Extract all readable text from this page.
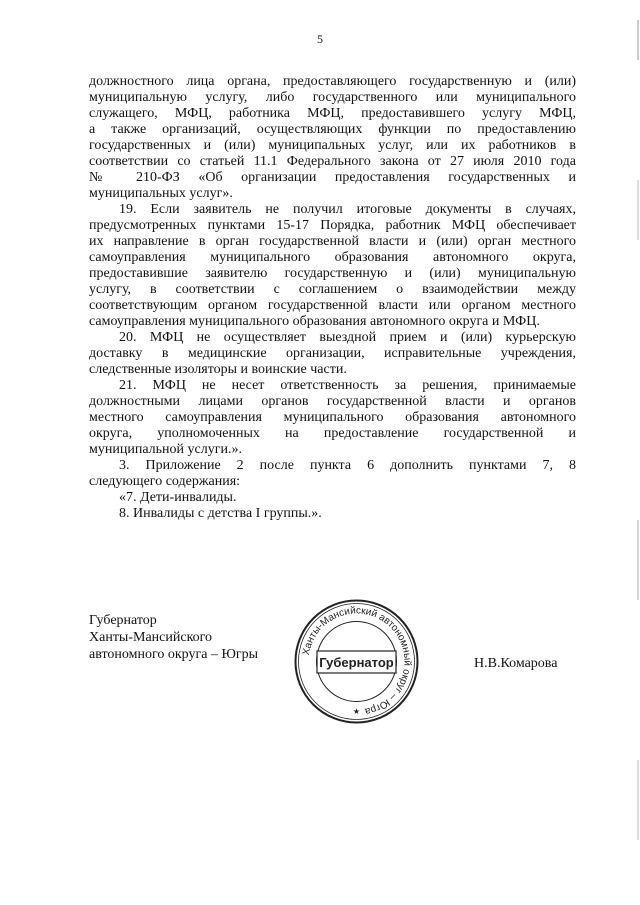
5

должностного лица органа, предоставляющего государственную и (или)
муниципальную услугу, либо государственного или муниципального
служащего, МФЦ, работника МФЦ, предоставившего услугу МФЦ,
а также организаций, осуществляющих функции по предоставлению
государственных и (или) муниципальных услуг, или их работников в
соответствии со статьей 11.1 Федерального закона от 27 июля 2010 года
№ 210-ФЗ «Об организации предоставления государственных и
муниципальных услуг».

19. Если заявитель не получил итоговые документы в случаях,
предусмотренных пунктами 15-17 Порядка, работник МФЦ обеспечивает
их направление в орган государственной власти и (или) орган местного
самоуправления муниципального образования автономного округа,
предоставившие заявителю государственную и (или) муниципальную
услугу, в соответствии с соглашением о взаимодействии между
соответствующим органом государственной власти или органом местного
самоуправления муниципального образования автономного округа и МФЦ.

20. МФЦ не осуществляет выездной прием и (или) курьерскую
доставку в медицинские организации, исправительные учреждения,
следственные изоляторы и воинские части.

21. МФЦ не несет ответственность за решения, принимаемые
должностными лицами органов государственной власти и органов
местного самоуправления муниципального образования автономного
округа, уполномоченных на предоставление государственной и
муниципальной услуги.».

3. Приложение 2 после пункта 6 дополнить пунктами 7, 8
следующего содержания:

«7. Дети-инвалиды.
8. Инвалиды с детства I группы.».
Губернатор
Ханты-Мансийского
автономного округа – Югры	Ханты-Мансийский автономный округ – Югра
Губернатор
★
Н.В.Комарова
